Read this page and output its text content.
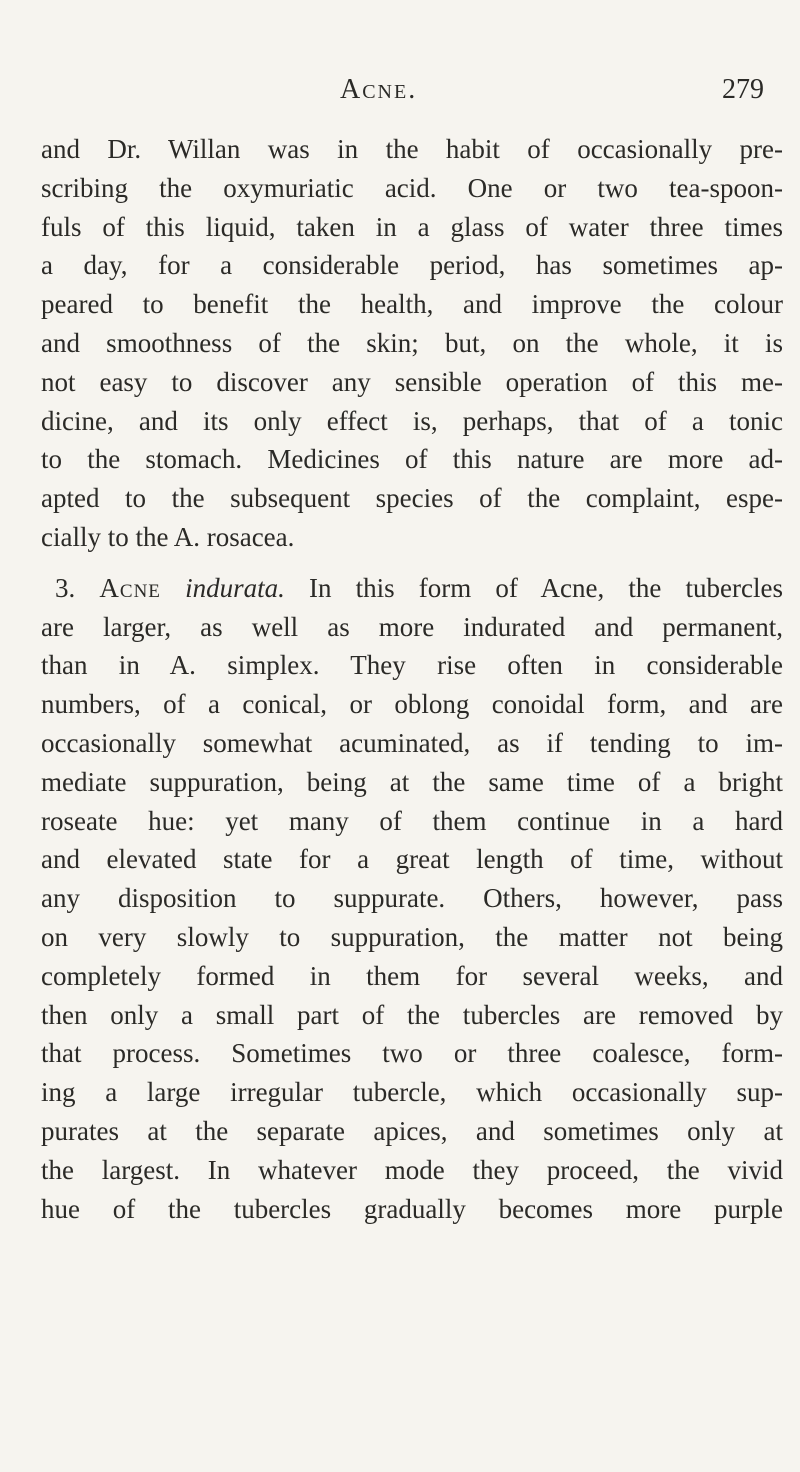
Acne.	279
and Dr. Willan was in the habit of occasionally pre-
scribing the oxymuriatic acid. One or two tea-spoon-
fuls of this liquid, taken in a glass of water three times
a day, for a considerable period, has sometimes ap-
peared to benefit the health, and improve the colour
and smoothness of the skin; but, on the whole, it is
not easy to discover any sensible operation of this me-
dicine, and its only effect is, perhaps, that of a tonic
to the stomach. Medicines of this nature are more ad-
apted to the subsequent species of the complaint, espe-
cially to the A. rosacea.
3. Acne indurata. In this form of Acne, the tubercles
are larger, as well as more indurated and permanent,
than in A. simplex. They rise often in considerable
numbers, of a conical, or oblong conoidal form, and are
occasionally somewhat acuminated, as if tending to im-
mediate suppuration, being at the same time of a bright
roseate hue: yet many of them continue in a hard
and elevated state for a great length of time, without
any disposition to suppurate. Others, however, pass
on very slowly to suppuration, the matter not being
completely formed in them for several weeks, and
then only a small part of the tubercles are removed by
that process. Sometimes two or three coalesce, form-
ing a large irregular tubercle, which occasionally sup-
purates at the separate apices, and sometimes only at
the largest. In whatever mode they proceed, the vivid
hue of the tubercles gradually becomes more purple
